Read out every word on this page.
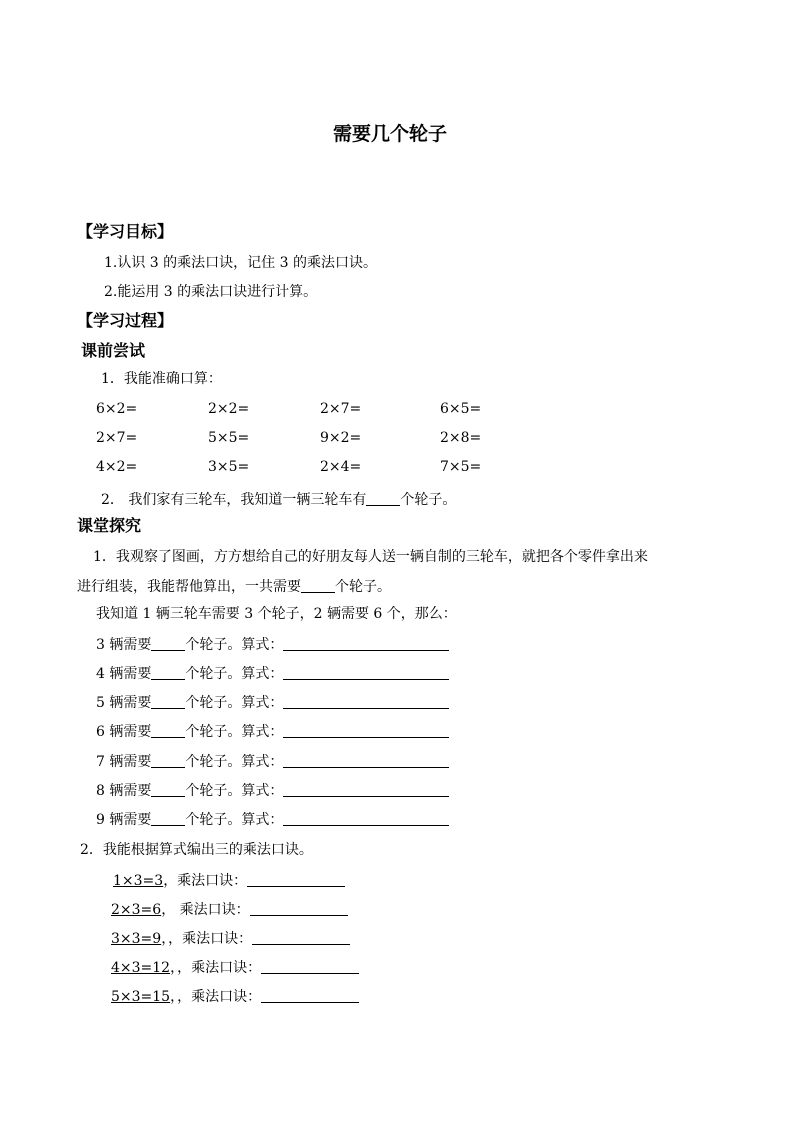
需要几个轮子
【学习目标】
1.认识 3 的乘法口诀，记住 3 的乘法口诀。
2.能运用 3 的乘法口诀进行计算。
【学习过程】
课前尝试
1．我能准确口算：
6×2=	2×2=	2×7=	6×5=
2×7=	5×5=	9×2=	2×8=
4×2=	3×5=	2×4=	7×5=
2． 我们家有三轮车，我知道一辆三轮车有 个轮子。
课堂探究
1．我观察了图画，方方想给自己的好朋友每人送一辆自制的三轮车，就把各个零件拿出来
进行组装，我能帮他算出，一共需要 个轮子。
我知道 1 辆三轮车需要 3 个轮子，2 辆需要 6 个，那么：
3 辆需要 个轮子。算式：
4 辆需要 个轮子。算式：
5 辆需要 个轮子。算式：
6 辆需要 个轮子。算式：
7 辆需要 个轮子。算式：
8 辆需要 个轮子。算式：
9 辆需要 个轮子。算式：
2．我能根据算式编出三的乘法口诀。
1×3=3，乘法口诀：
2×3=6， 乘法口诀：
3×3=9，，乘法口诀：
4×3=12，，乘法口诀：
5×3=15，，乘法口诀：
